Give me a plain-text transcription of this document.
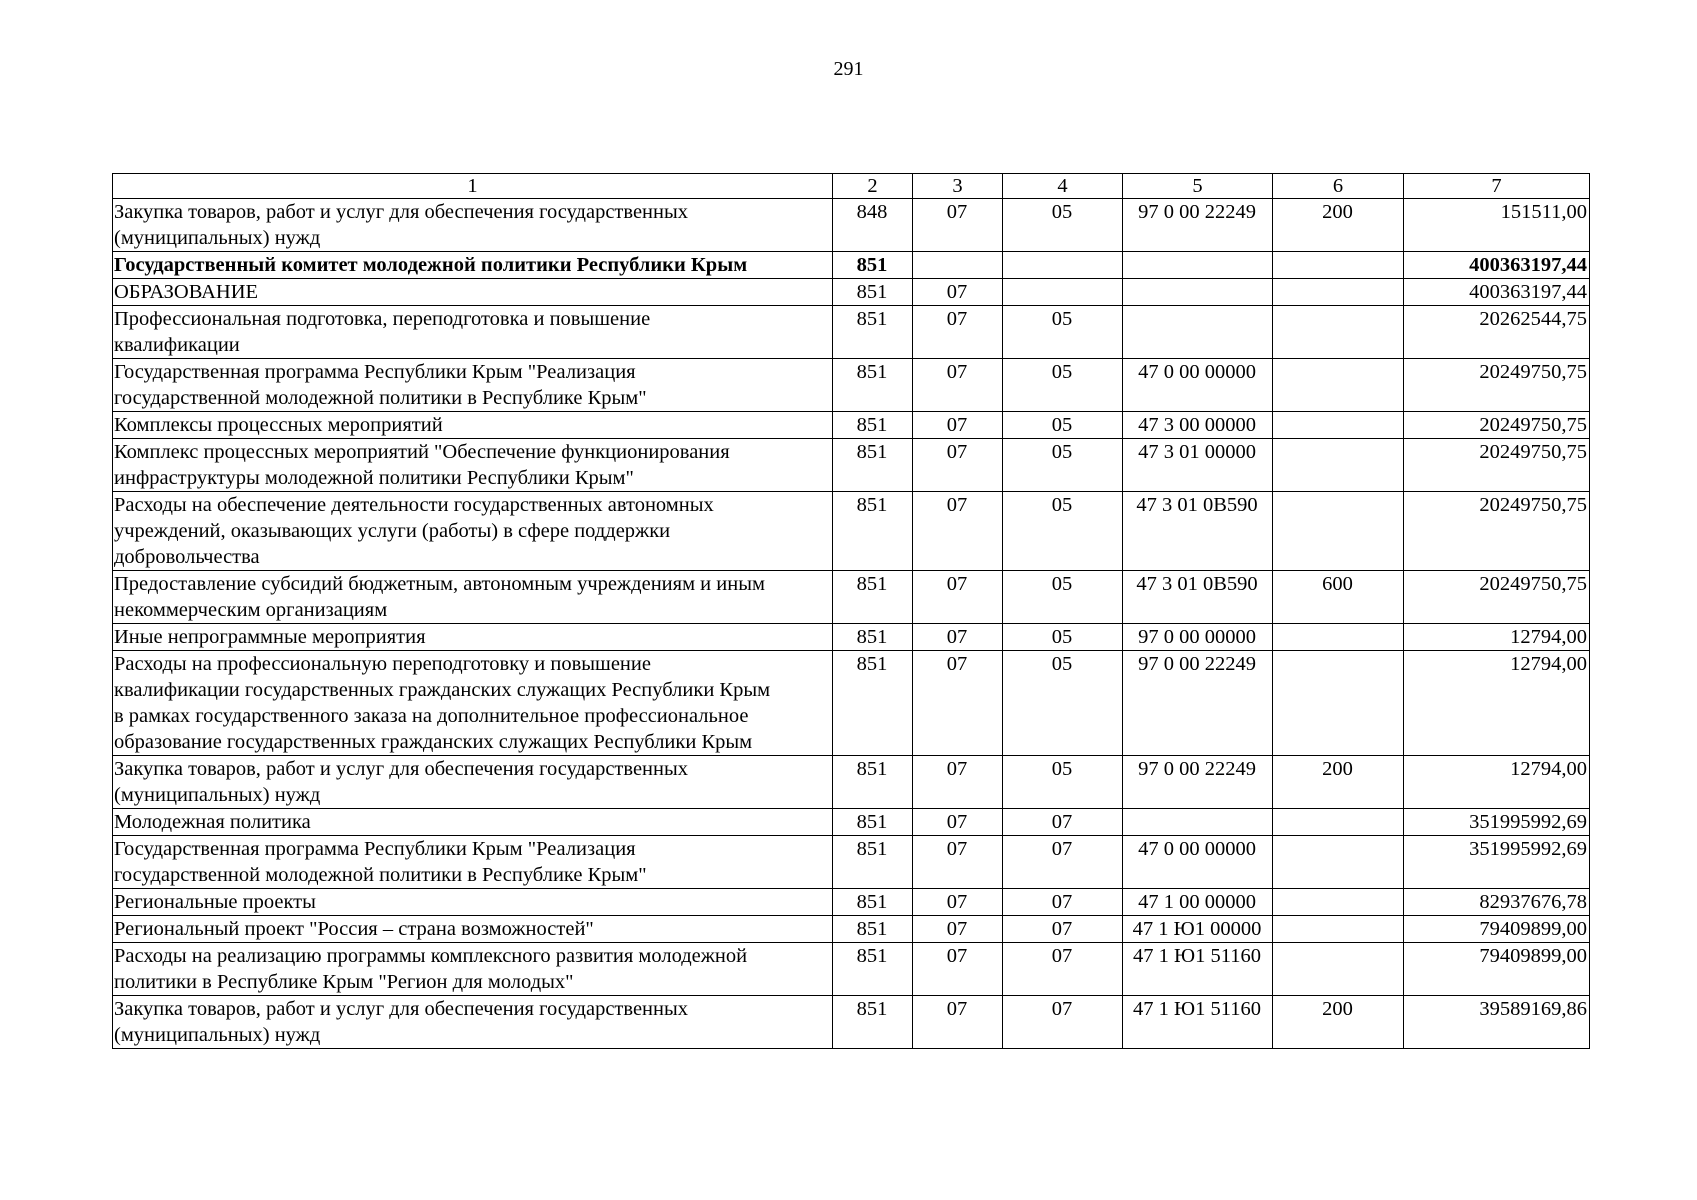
291
1	2	3	4	5	6	7
Закупка товаров, работ и услуг для обеспечения государственных
(муниципальных) нужд	848	07	05	97 0 00 22249	200	151511,00
Государственный комитет молодежной политики Республики Крым	851					400363197,44
ОБРАЗОВАНИЕ	851	07				400363197,44
Профессиональная подготовка, переподготовка и повышение
квалификации	851	07	05			20262544,75
Государственная программа Республики Крым "Реализация
государственной молодежной политики в Республике Крым"	851	07	05	47 0 00 00000		20249750,75
Комплексы процессных мероприятий	851	07	05	47 3 00 00000		20249750,75
Комплекс процессных мероприятий "Обеспечение функционирования
инфраструктуры молодежной политики Республики Крым"	851	07	05	47 3 01 00000		20249750,75
Расходы на обеспечение деятельности государственных автономных
учреждений, оказывающих услуги (работы) в сфере поддержки
добровольчества	851	07	05	47 3 01 0В590		20249750,75
Предоставление субсидий бюджетным, автономным учреждениям и иным
некоммерческим организациям	851	07	05	47 3 01 0В590	600	20249750,75
Иные непрограммные мероприятия	851	07	05	97 0 00 00000		12794,00
Расходы на профессиональную переподготовку и повышение
квалификации государственных гражданских служащих Республики Крым
в рамках государственного заказа на дополнительное профессиональное
образование государственных гражданских служащих Республики Крым	851	07	05	97 0 00 22249		12794,00
Закупка товаров, работ и услуг для обеспечения государственных
(муниципальных) нужд	851	07	05	97 0 00 22249	200	12794,00
Молодежная политика	851	07	07			351995992,69
Государственная программа Республики Крым "Реализация
государственной молодежной политики в Республике Крым"	851	07	07	47 0 00 00000		351995992,69
Региональные проекты	851	07	07	47 1 00 00000		82937676,78
Региональный проект "Россия – страна возможностей"	851	07	07	47 1 Ю1 00000		79409899,00
Расходы на реализацию программы комплексного развития молодежной
политики в Республике Крым "Регион для молодых"	851	07	07	47 1 Ю1 51160		79409899,00
Закупка товаров, работ и услуг для обеспечения государственных
(муниципальных) нужд	851	07	07	47 1 Ю1 51160	200	39589169,86
